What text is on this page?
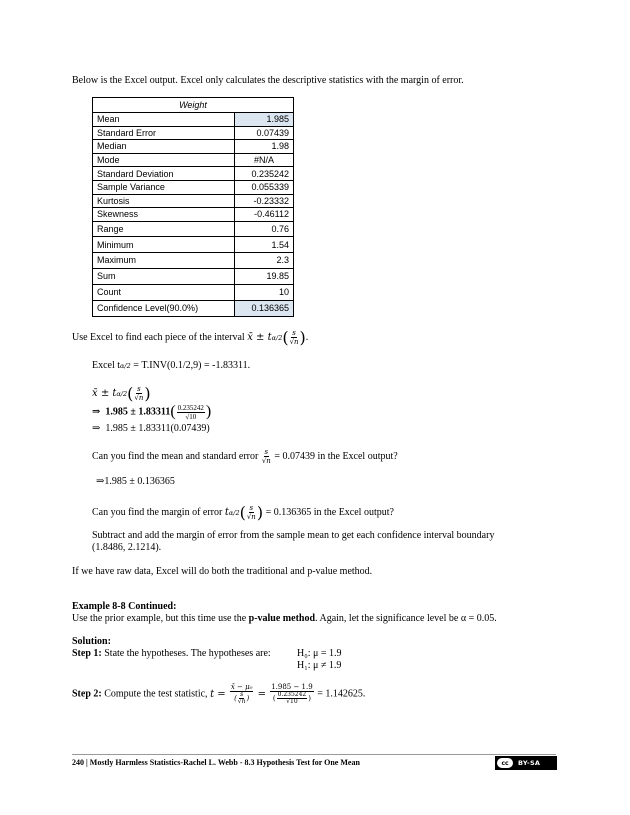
Below is the Excel output. Excel only calculates the descriptive statistics with the margin of error.
Weight	
Mean	1.985
Standard Error	0.07439
Median	1.98
Mode	#N/A
Standard Deviation	0.235242
Sample Variance	0.055339
Kurtosis	-0.23332
Skewness	-0.46112
Range	0.76
Minimum	1.54
Maximum	2.3
Sum	19.85
Count	10
Confidence Level(90.0%)	0.136365
Use Excel to find each piece of the interval x̄ ± $t\alpha/2( \frac{s}{√n}$ ).
Excel tα/2 = T.INV(0.1/2,9) = -1.83311.
x̄ ± $t\alpha/2( \frac{s}{√n}$ )
⇒ $1.985 \pm 1.83311( \frac{0.235242}{√10}$ )
⇒ 1.985 ± 1.83311(0.07439)
Can you find the mean and standard error $\frac{s}{√n} = 0.07439$ in the Excel output?
⇒1.985 ± 0.136365
Can you find the margin of error $t\alpha/2( \frac{s}{√n}$ ) = 0.136365 in the Excel output?
Subtract and add the margin of error from the sample mean to get each confidence interval boundary
(1.8486, 2.1214).
If we have raw data, Excel will do both the traditional and p-value method.
Example 8-8 Continued:
Use the prior example, but this time use the p-value method. Again, let the significance level be α = 0.05.
Solution:
Step 1: State the hypotheses. The hypotheses are:	H₀: μ = 1.9
H₁: μ ≠ 1.9
Step 2: Compute the test statistic, $t = \frac{\text{x̄ − μ₀}}{( \frac{s}{√n} )} = \frac{1.985 - 1.9}{( \frac{0.235242}{√10} )} = 1.142625$.
240 | Mostly Harmless Statistics-Rachel L. Webb - 8.3 Hypothesis Test for One Mean	cc	BY-SA
